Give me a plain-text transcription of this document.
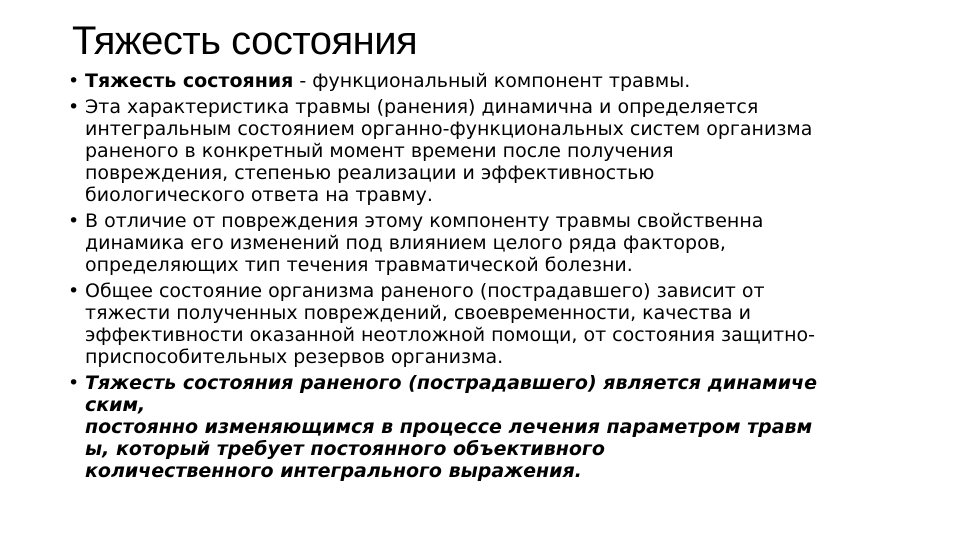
Тяжесть состояния
• Тяжесть состояния - функциональный компонент травмы.
• Эта характеристика травмы (ранения) динамична и определяется
интегральным состоянием органно-функциональных систем организма
раненого в конкретный момент времени после получения
повреждения, степенью реализации и эффективностью
биологического ответа на травму.
• В отличие от повреждения этому компоненту травмы свойственна
динамика его изменений под влиянием целого ряда факторов,
определяющих тип течения травматической болезни.
• Общее состояние организма раненого (пострадавшего) зависит от
тяжести полученных повреждений, своевременности, качества и
эффективности оказанной неотложной помощи, от состояния защитно-
приспособительных резервов организма.
• Тяжесть состояния раненого (пострадавшего) является динамиче
ским,
постоянно изменяющимся в процессе лечения параметром травм
ы, который требует постоянного объективного
количественного интегрального выражения.
